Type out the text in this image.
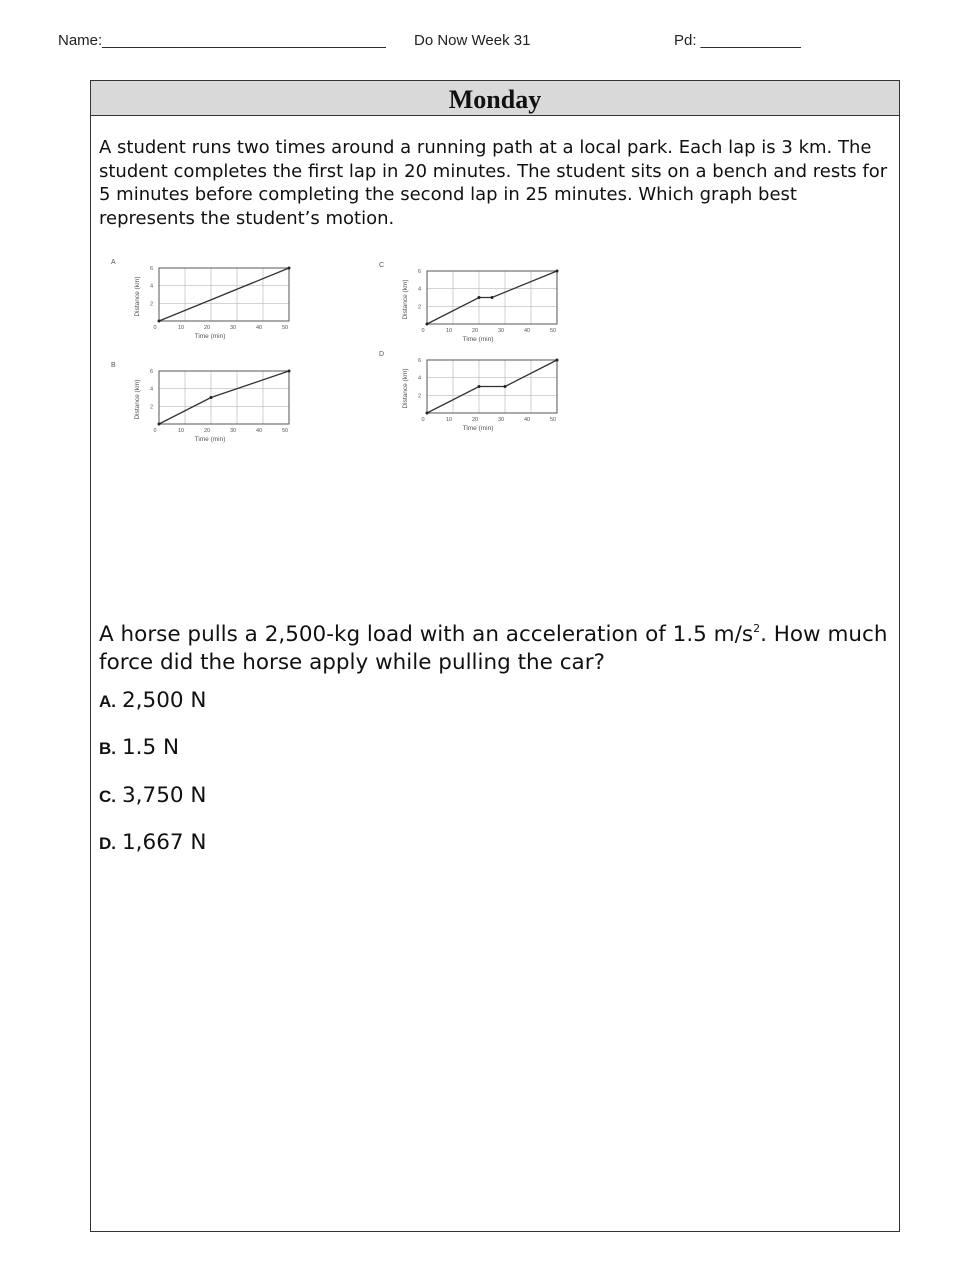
Name:__________________________________ Do Now Week 31	Pd: ____________
Monday
A student runs two times around a running path at a local park. Each lap is 3 km. The student completes the first lap in 20 minutes. The student sits on a bench and rests for 5 minutes before completing the second lap in 25 minutes. Which graph best represents the student’s motion.
A
2
4
6
0	10	20	30	40	50
Time (min)
Distance (km)
C
2
4
6
0	10	20	30	40	50
Time (min)
Distance (km)
B
2
4
6
0	10	20	30	40	50
Time (min)
Distance (km)
D
2
4
6
0	10	20	30	40	50
Time (min)
Distance (km)
A horse pulls a 2,500-kg load with an acceleration of 1.5 $m/s^2$. How much force did the horse apply while pulling the car?
A. 2,500 N
B. 1.5 N
C. 3,750 N
D. 1,667 N
